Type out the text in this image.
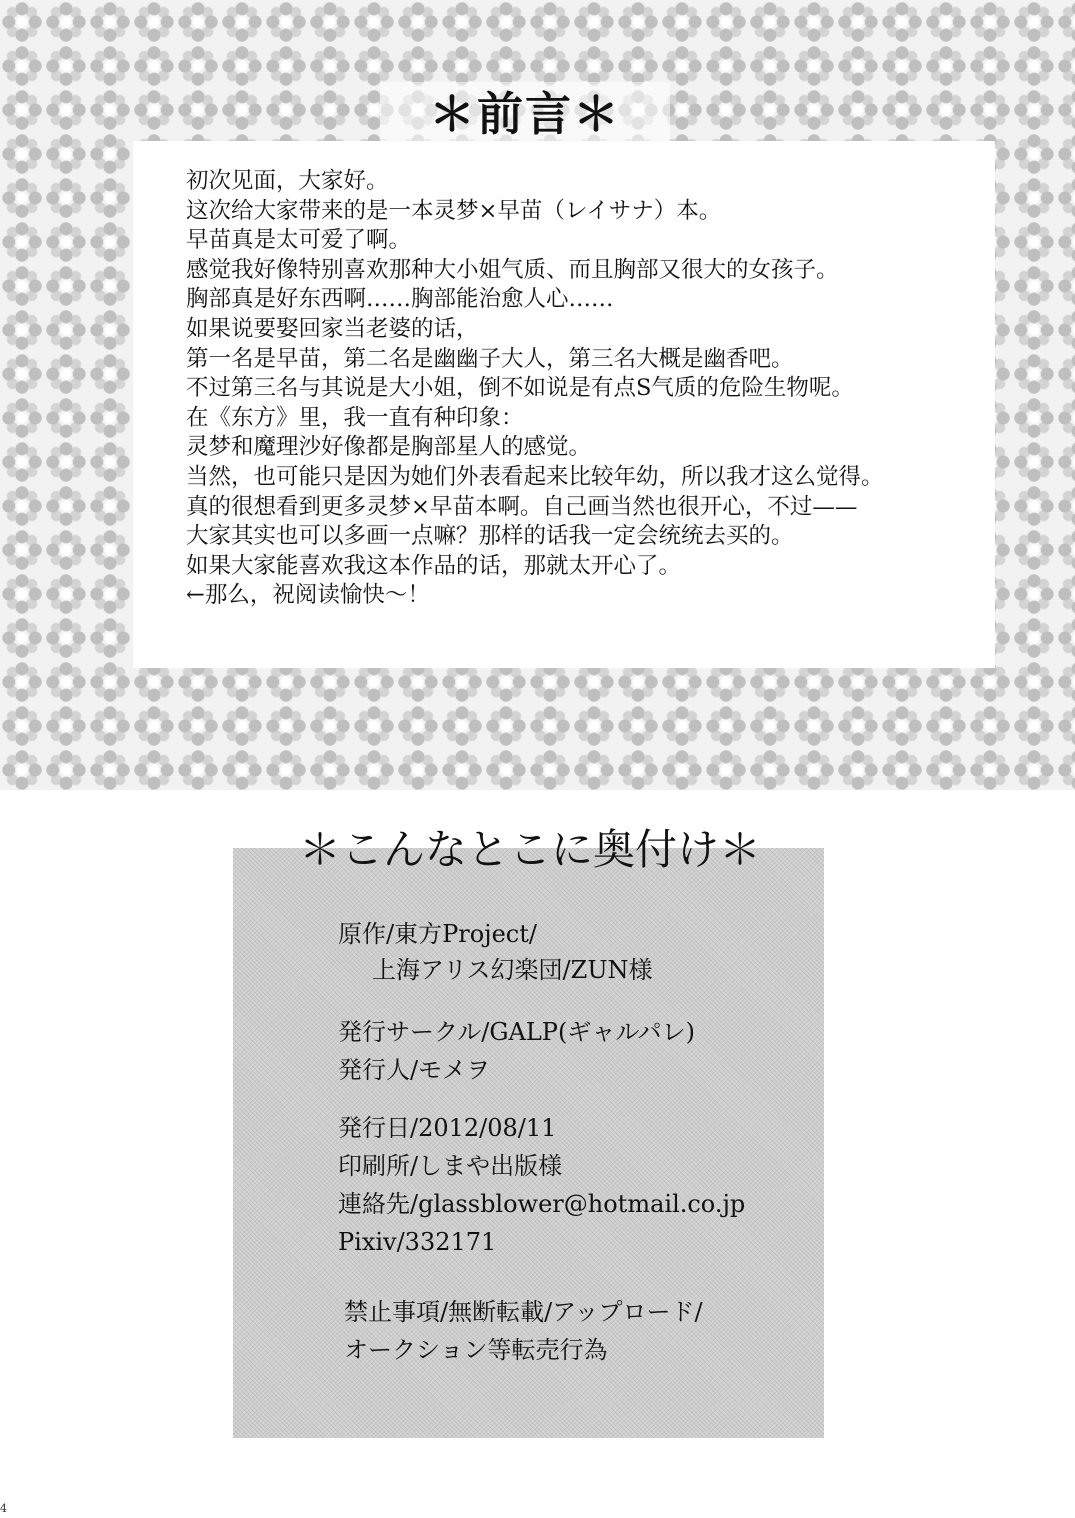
＊前言＊
初次见面，大家好。
这次给大家带来的是一本灵梦×早苗（レイサナ）本。
早苗真是太可爱了啊。
感觉我好像特别喜欢那种大小姐气质、而且胸部又很大的女孩子。
胸部真是好东西啊……胸部能治愈人心……
如果说要娶回家当老婆的话，
第一名是早苗，第二名是幽幽子大人，第三名大概是幽香吧。
不过第三名与其说是大小姐，倒不如说是有点S气质的危险生物呢。
在《东方》里，我一直有种印象：
灵梦和魔理沙好像都是胸部星人的感觉。
当然，也可能只是因为她们外表看起来比较年幼，所以我才这么觉得。
真的很想看到更多灵梦×早苗本啊。自己画当然也很开心，不过——
大家其实也可以多画一点嘛？那样的话我一定会统统去买的。
如果大家能喜欢我这本作品的话，那就太开心了。
←那么，祝阅读愉快～！
＊こんなとこに奥付け＊
原作/東方Project/
上海アリス幻楽団/ZUN様
発行サークル/GALP(ギャルパレ)
発行人/モメヲ
発行日/2012/08/11
印刷所/しまや出版様
連絡先/glassblower@hotmail.co.jp
Pixiv/332171
禁止事項/無断転載/アップロード/
オークション等転売行為
4
